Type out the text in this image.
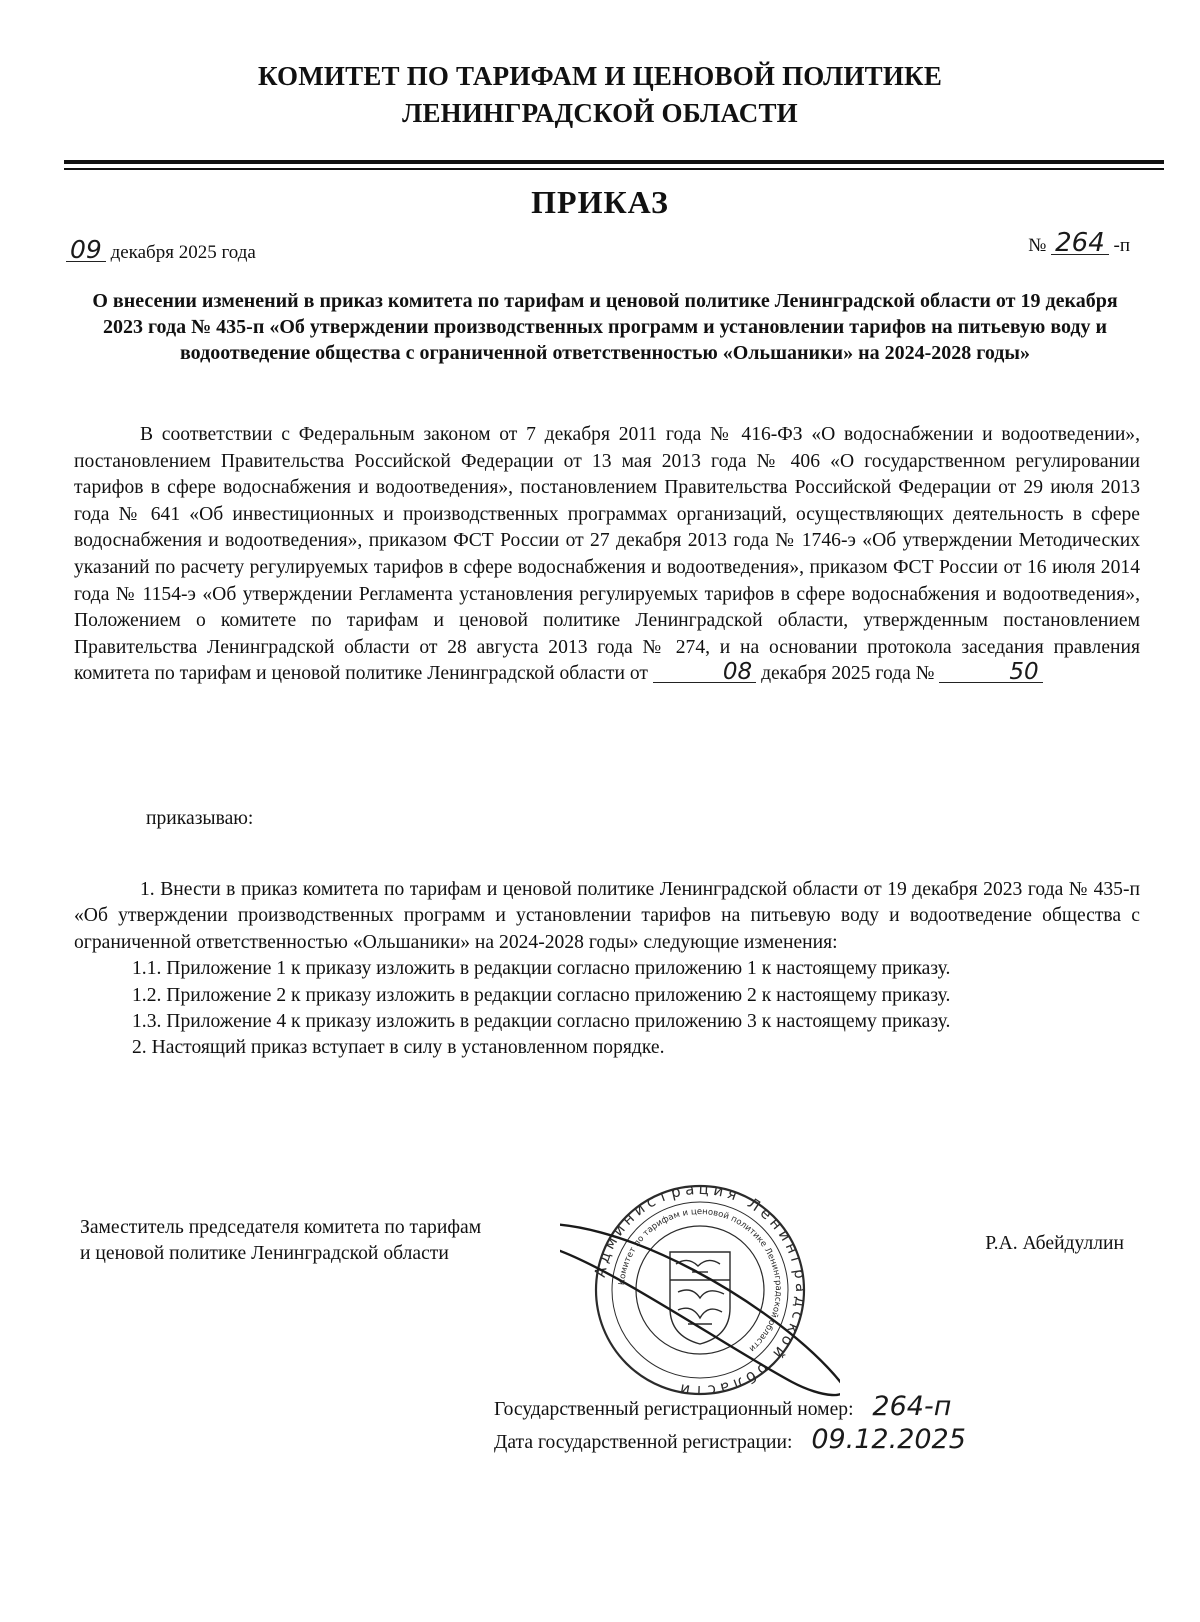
КОМИТЕТ ПО ТАРИФАМ И ЦЕНОВОЙ ПОЛИТИКЕ
ЛЕНИНГРАДСКОЙ ОБЛАСТИ
ПРИКАЗ
09 декабря 2025 года	№ 264 -п
О внесении изменений в приказ комитета по тарифам и ценовой политике Ленинградской области от 19 декабря 2023 года № 435-п «Об утверждении производственных программ и установлении тарифов на питьевую воду и водоотведение общества с ограниченной ответственностью «Ольшаники» на 2024-2028 годы»

В соответствии с Федеральным законом от 7 декабря 2011 года № 416-ФЗ «О водоснабжении и водоотведении», постановлением Правительства Российской Федерации от 13 мая 2013 года № 406 «О государственном регулировании тарифов в сфере водоснабжения и водоотведения», постановлением Правительства Российской Федерации от 29 июля 2013 года № 641 «Об инвестиционных и производственных программах организаций, осуществляющих деятельность в сфере водоснабжения и водоотведения», приказом ФСТ России от 27 декабря 2013 года № 1746-э «Об утверждении Методических указаний по расчету регулируемых тарифов в сфере водоснабжения и водоотведения», приказом ФСТ России от 16 июля 2014 года № 1154-э «Об утверждении Регламента установления регулируемых тарифов в сфере водоснабжения и водоотведения», Положением о комитете по тарифам и ценовой политике Ленинградской области, утвержденным постановлением Правительства Ленинградской области от 28 августа 2013 года № 274, и на основании протокола заседания правления комитета по тарифам и ценовой политике Ленинградской области от	08 декабря 2025 года №	50

приказываю:

1. Внести в приказ комитета по тарифам и ценовой политике Ленинградской области от 19 декабря 2023 года № 435-п «Об утверждении производственных программ и установлении тарифов на питьевую воду и водоотведение общества с ограниченной ответственностью «Ольшаники» на 2024-2028 годы» следующие изменения:

1.1. Приложение 1 к приказу изложить в редакции согласно приложению 1 к настоящему приказу.

1.2. Приложение 2 к приказу изложить в редакции согласно приложению 2 к настоящему приказу.

1.3. Приложение 4 к приказу изложить в редакции согласно приложению 3 к настоящему приказу.

2. Настоящий приказ вступает в силу в установленном порядке.

Заместитель председателя комитета по тарифам
и ценовой политике Ленинградской области	Р.А. Абейдуллин
Администрация Ленинградской области
Комитет по тарифам и ценовой политике Ленинградской области
Государственный регистрационный номер: 264-п
Дата государственной регистрации: 09.12.2025
